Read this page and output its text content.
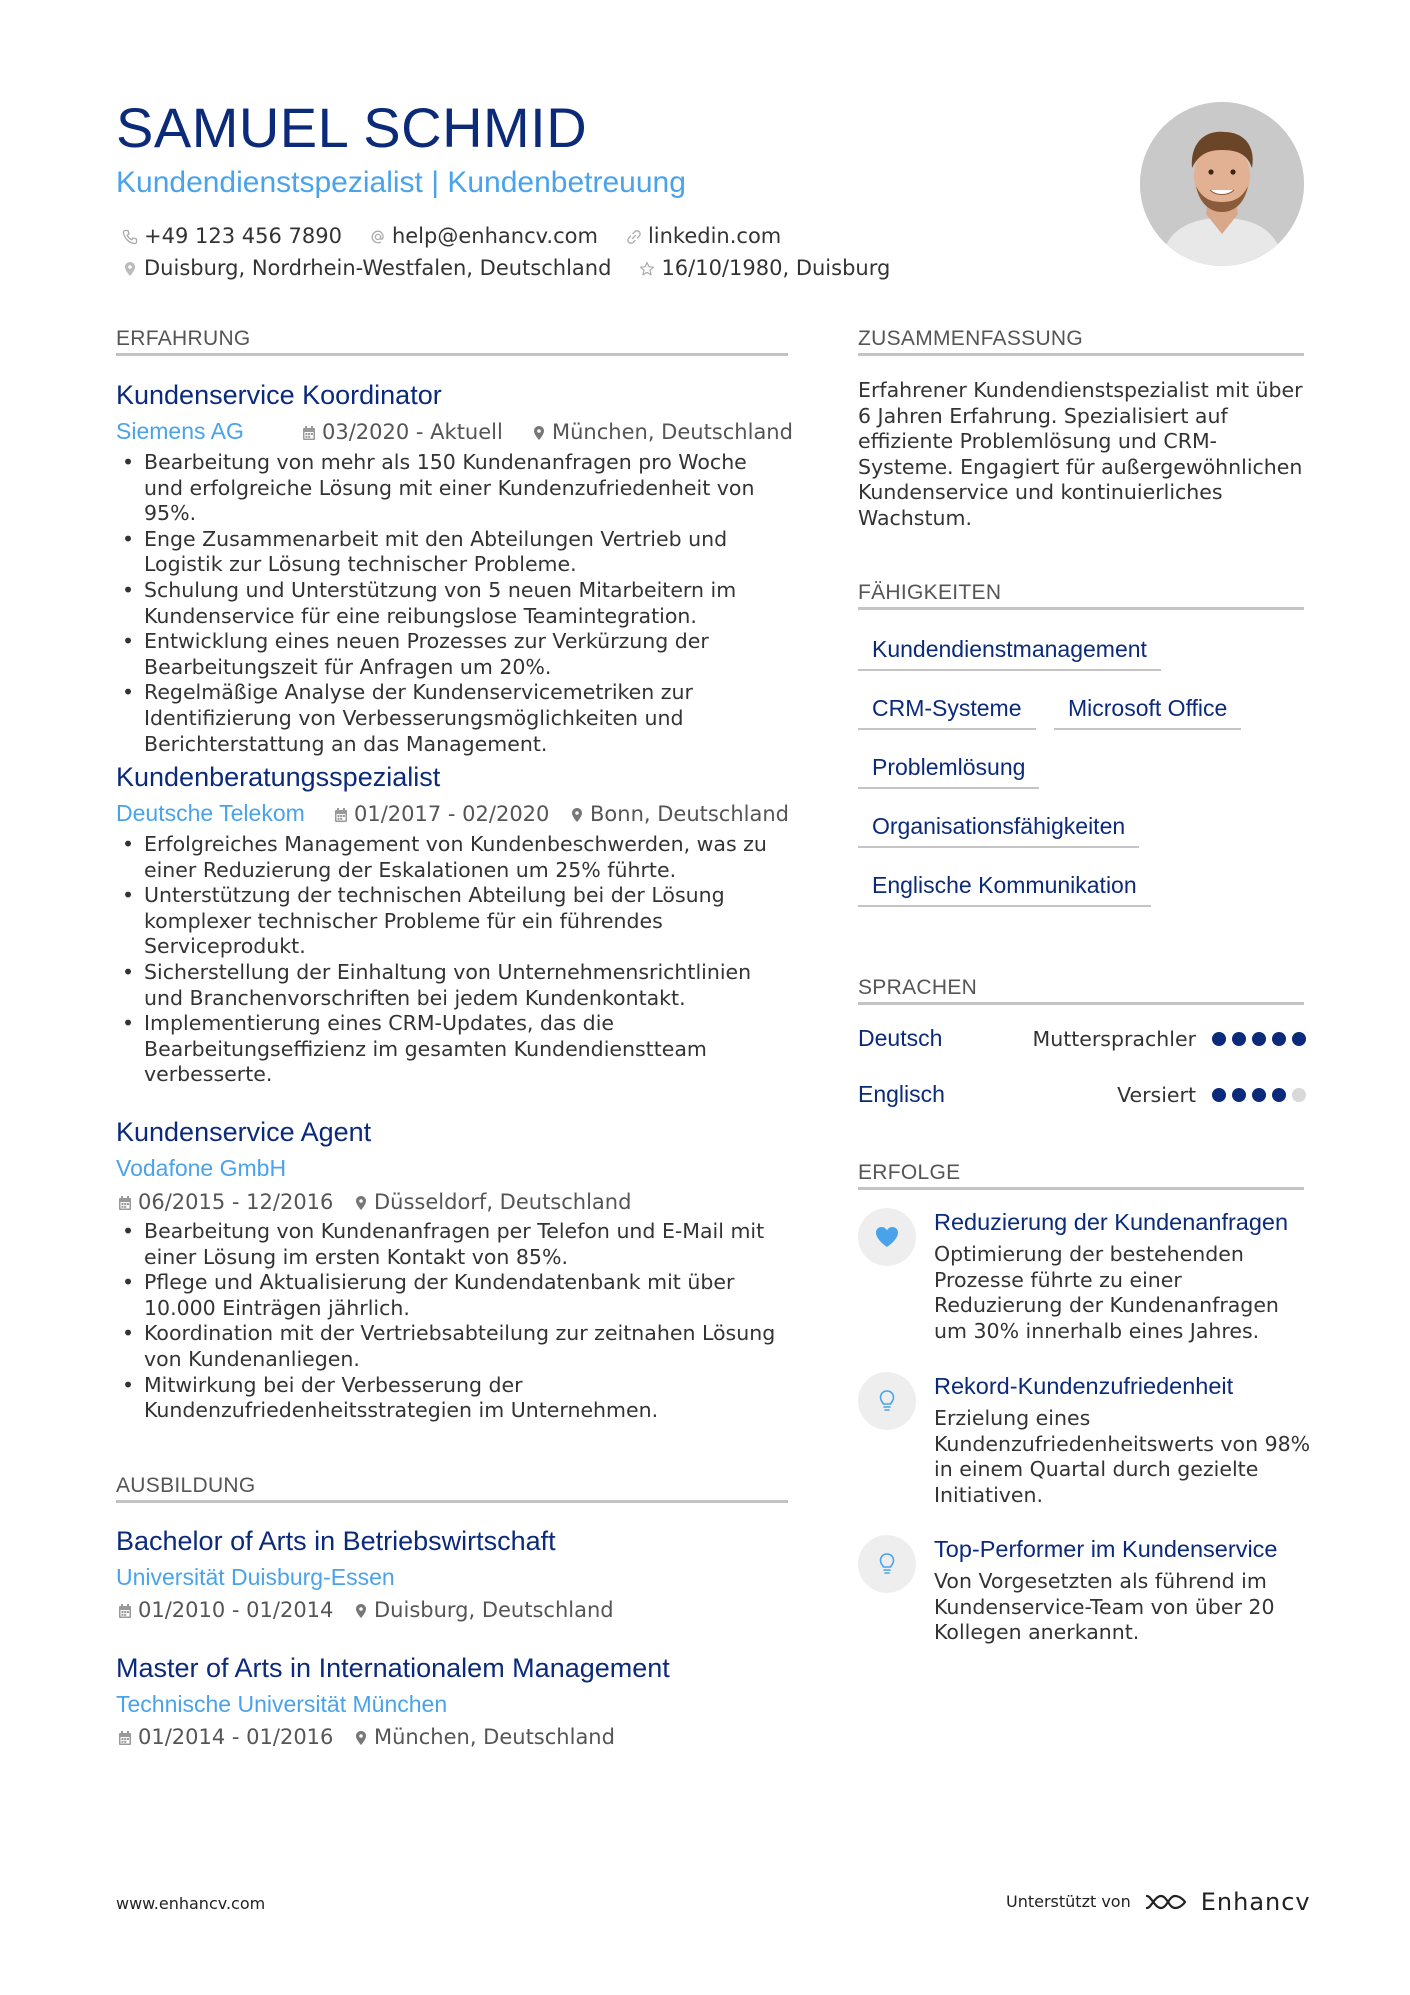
SAMUEL SCHMID
Kundendienstspezialist | Kundenbetreuung
+49 123 456 7890 help@enhancv.com linkedin.com
Duisburg, Nordrhein-Westfalen, Deutschland 16/10/1980, Duisburg
ERFAHRUNG
Kundenservice Koordinator
Siemens AG	03/2020 - Aktuell München, Deutschland
• Bearbeitung von mehr als 150 Kundenanfragen pro Woche und erfolgreiche Lösung mit einer Kundenzufriedenheit von 95%.
• Enge Zusammenarbeit mit den Abteilungen Vertrieb und Logistik zur Lösung technischer Probleme.
• Schulung und Unterstützung von 5 neuen Mitarbeitern im Kundenservice für eine reibungslose Teamintegration.
• Entwicklung eines neuen Prozesses zur Verkürzung der Bearbeitungszeit für Anfragen um 20%.
• Regelmäßige Analyse der Kundenservicemetriken zur Identifizierung von Verbesserungsmöglichkeiten und Berichterstattung an das Management.
Kundenberatungsspezialist
Deutsche Telekom 01/2017 - 02/2020 Bonn, Deutschland
• Erfolgreiches Management von Kundenbeschwerden, was zu einer Reduzierung der Eskalationen um 25% führte.
• Unterstützung der technischen Abteilung bei der Lösung komplexer technischer Probleme für ein führendes Serviceprodukt.
• Sicherstellung der Einhaltung von Unternehmensrichtlinien und Branchenvorschriften bei jedem Kundenkontakt.
• Implementierung eines CRM-Updates, das die Bearbeitungseffizienz im gesamten Kundendienstteam verbesserte.
Kundenservice Agent
Vodafone GmbH
06/2015 - 12/2016 Düsseldorf, Deutschland
• Bearbeitung von Kundenanfragen per Telefon und E-Mail mit einer Lösung im ersten Kontakt von 85%.
• Pflege und Aktualisierung der Kundendatenbank mit über 10.000 Einträgen jährlich.
• Koordination mit der Vertriebsabteilung zur zeitnahen Lösung von Kundenanliegen.
• Mitwirkung bei der Verbesserung der Kundenzufriedenheitsstrategien im Unternehmen.
AUSBILDUNG
Bachelor of Arts in Betriebswirtschaft
Universität Duisburg-Essen
01/2010 - 01/2014 Duisburg, Deutschland
Master of Arts in Internationalem Management
Technische Universität München
01/2014 - 01/2016 München, Deutschland
ZUSAMMENFASSUNG
Erfahrener Kundendienstspezialist mit über 6 Jahren Erfahrung. Spezialisiert auf effiziente Problemlösung und CRM-Systeme. Engagiert für außergewöhnlichen Kundenservice und kontinuierliches Wachstum.
FÄHIGKEITEN
Kundendienstmanagement
CRM-Systeme	Microsoft Office
Problemlösung
Organisationsfähigkeiten
Englische Kommunikation
SPRACHEN
Deutsch	Muttersprachler
Englisch	Versiert
ERFOLGE
Reduzierung der Kundenanfragen
Optimierung der bestehenden Prozesse führte zu einer Reduzierung der Kundenanfragen um 30% innerhalb eines Jahres.
Rekord-Kundenzufriedenheit
Erzielung eines Kundenzufriedenheitswerts von 98% in einem Quartal durch gezielte Initiativen.
Top-Performer im Kundenservice
Von Vorgesetzten als führend im Kundenservice-Team von über 20 Kollegen anerkannt.
www.enhancv.com	Unterstützt von	Enhancv
